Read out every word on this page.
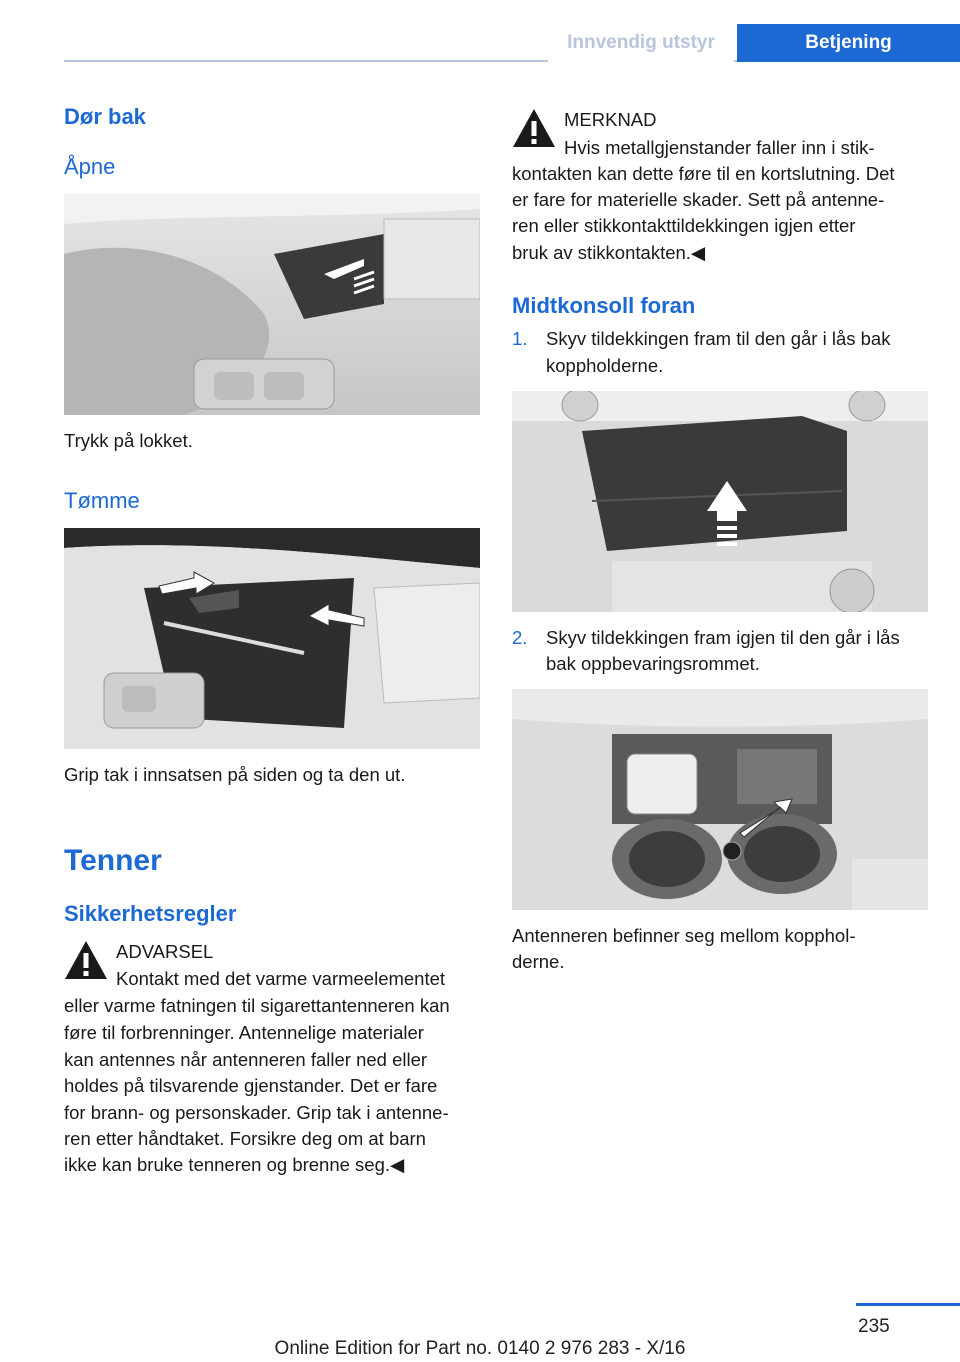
Innvendig utstyr	Betjening
Dør bak
Åpne

Trykk på lokket.

Tømme

Grip tak i innsatsen på siden og ta den ut.

Tenner
Sikkerhetsregler

ADVARSEL

Kontakt med det varme varmeelementet

eller varme fatningen til sigarettantenneren kan

føre til forbrenninger. Antennelige materialer

kan antennes når antenneren faller ned eller

holdes på tilsvarende gjenstander. Det er fare

for brann- og personskader. Grip tak i antenne‐

ren etter håndtaket. Forsikre deg om at barn

ikke kan bruke tenneren og brenne seg.◀

MERKNAD

Hvis metallgjenstander faller inn i stik‐

kontakten kan dette føre til en kortslutning. Det

er fare for materielle skader. Sett på antenne‐

ren eller stikkontakttildekkingen igjen etter

bruk av stikkontakten.◀

Midtkonsoll foran
1. Skyv tildekkingen fram til den går i lås bak

koppholderne.

2. Skyv tildekkingen fram igjen til den går i lås

bak oppbevaringsrommet.

Antenneren befinner seg mellom kopphol‐

derne.

235
Online Edition for Part no. 0140 2 976 283 - X/16
